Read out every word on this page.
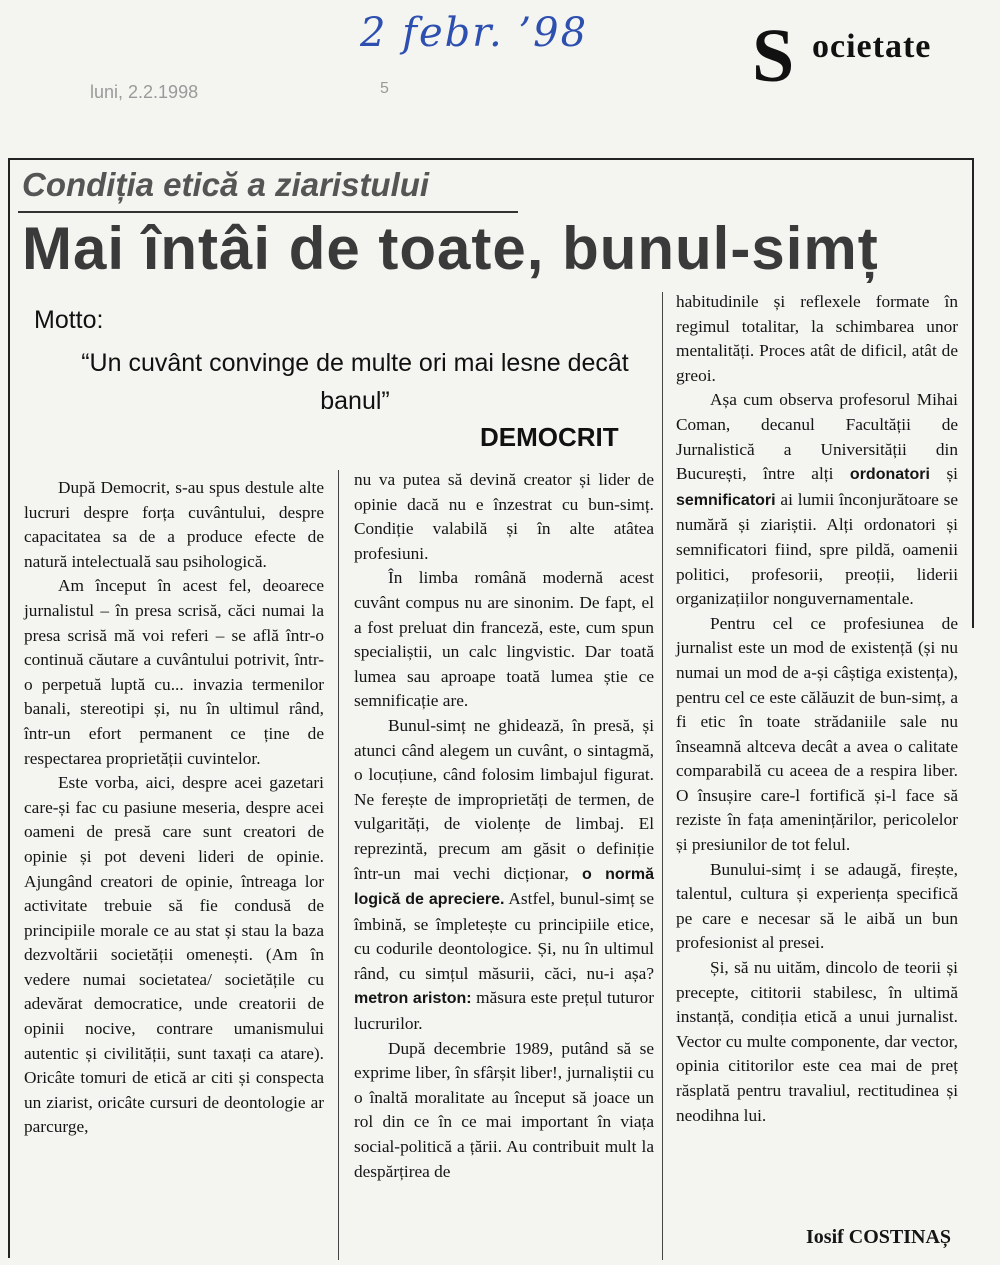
2 febr. ’98
luni, 2.2.1998	5	S ocietate
Condiția etică a ziaristului
Mai întâi de toate, bunul-simț
Motto:
“Un cuvânt convinge de multe ori mai lesne decât banul”
DEMOCRIT

După Democrit, s-au spus destule alte lucruri despre forța cuvântului, despre capacitatea sa de a produce efecte de natură intelectuală sau psihologică.

Am început în acest fel, deoarece jurnalistul – în presa scrisă, căci numai la presa scrisă mă voi referi – se află într-o continuă căutare a cuvântului potrivit, într-o perpetuă luptă cu... invazia termenilor banali, stereotipi și, nu în ultimul rând, într-un efort permanent ce ține de respectarea proprietății cuvintelor.

Este vorba, aici, despre acei gazetari care-și fac cu pasiune meseria, despre acei oameni de presă care sunt creatori de opinie și pot deveni lideri de opinie. Ajungând creatori de opinie, întreaga lor activitate trebuie să fie condusă de principiile morale ce au stat și stau la baza dezvoltării societății omenești. (Am în vedere numai societatea/ societățile cu adevărat democratice, unde creatorii de opinii nocive, contrare umanismului autentic și civilității, sunt taxați ca atare). Oricâte tomuri de etică ar citi și conspecta un ziarist, oricâte cursuri de deontologie ar parcurge,

nu va putea să devină creator și lider de opinie dacă nu e înzestrat cu bun-simț. Condiție valabilă și în alte atâtea profesiuni.

În limba română modernă acest cuvânt compus nu are sinonim. De fapt, el a fost preluat din franceză, este, cum spun specialiștii, un calc lingvistic. Dar toată lumea sau aproape toată lumea știe ce semnificație are.

Bunul-simț ne ghidează, în presă, și atunci când alegem un cuvânt, o sintagmă, o locuțiune, când folosim limbajul figurat. Ne ferește de improprietăți de termen, de vulgarități, de violențe de limbaj. El reprezintă, precum am găsit o definiție într-un mai vechi dicționar, o normă logică de apreciere. Astfel, bunul-simț se îmbină, se împletește cu principiile etice, cu codurile deontologice. Și, nu în ultimul rând, cu simțul măsurii, căci, nu-i așa? metron ariston: măsura este prețul tuturor lucrurilor.

După decembrie 1989, putând să se exprime liber, în sfârșit liber!, jurnaliștii cu o înaltă moralitate au început să joace un rol din ce în ce mai important în viața social-politică a țării. Au contribuit mult la despărțirea de

habitudinile și reflexele formate în regimul totalitar, la schimbarea unor mentalități. Proces atât de dificil, atât de greoi.

Așa cum observa profesorul Mihai Coman, decanul Facultății de Jurnalistică a Universității din București, între alți ordonatori și semnificatori ai lumii înconjurătoare se numără și ziariștii. Alți ordonatori și semnificatori fiind, spre pildă, oamenii politici, profesorii, preoții, liderii organizațiilor nonguvernamentale.

Pentru cel ce profesiunea de jurnalist este un mod de existență (și nu numai un mod de a-și câștiga existența), pentru cel ce este călăuzit de bun-simț, a fi etic în toate strădaniile sale nu înseamnă altceva decât a avea o calitate comparabilă cu aceea de a respira liber. O însușire care-l fortifică și-l face să reziste în fața amenințărilor, pericolelor și presiunilor de tot felul.

Bunului-simț i se adaugă, firește, talentul, cultura și experiența specifică pe care e necesar să le aibă un bun profesionist al presei.

Și, să nu uităm, dincolo de teorii și precepte, cititorii stabilesc, în ultimă instanță, condiția etică a unui jurnalist. Vector cu multe componente, dar vector, opinia cititorilor este cea mai de preț răsplată pentru travaliul, rectitudinea și neodihna lui.

Iosif COSTINAȘ
